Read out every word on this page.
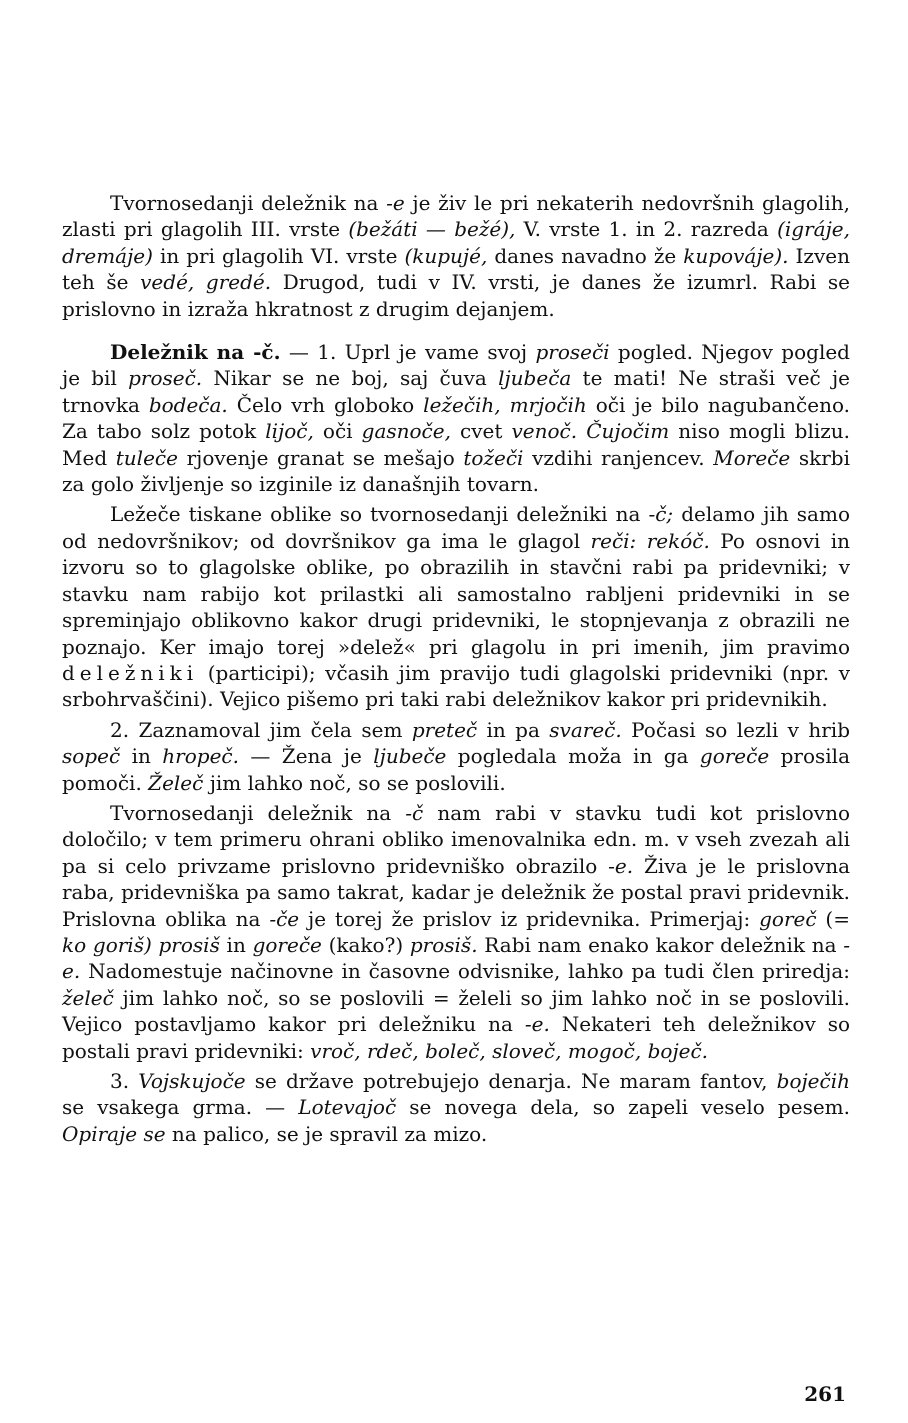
Tvornosedanji deležnik na -e je živ le pri nekaterih nedovršnih glagolih, zlasti pri glagolih III. vrste (bežáti — bežé), V. vrste 1. in 2. razreda (igráje, dremáje) in pri glagolih VI. vrste (kupujé, danes navadno že kupováje). Izven teh še vedé, gredé. Drugod, tudi v IV. vrsti, je danes že izumrl. Rabi se prislovno in izraža hkratnost z drugim dejanjem.

Deležnik na -č. — 1. Uprl je vame svoj proseči pogled. Njegov pogled je bil proseč. Nikar se ne boj, saj čuva ljubeča te mati! Ne straši več je trnovka bodeča. Čelo vrh globoko ležečih, mrjočih oči je bilo nagubančeno. Za tabo solz potok lijoč, oči gasnoče, cvet venoč. Čujočim niso mogli blizu. Med tuleče rjovenje granat se mešajo tožeči vzdihi ranjencev. Moreče skrbi za golo življenje so izginile iz današnjih tovarn.

Ležeče tiskane oblike so tvornosedanji deležniki na -č; delamo jih samo od nedovršnikov; od dovršnikov ga ima le glagol reči: rekóč. Po osnovi in izvoru so to glagolske oblike, po obrazilih in stavčni rabi pa pridevniki; v stavku nam rabijo kot prilastki ali samostalno rabljeni pridevniki in se spreminjajo oblikovno kakor drugi pridevniki, le stopnjevanja z obrazili ne poznajo. Ker imajo torej »delež« pri glagolu in pri imenih, jim pravimo deležniki (participi); včasih jim pravijo tudi glagolski pridevniki (npr. v srbohrvaščini). Vejico pišemo pri taki rabi deležnikov kakor pri pridevnikih.

2. Zaznamoval jim čela sem preteč in pa svareč. Počasi so lezli v hrib sopeč in hropeč. — Žena je ljubeče pogledala moža in ga goreče prosila pomoči. Želeč jim lahko noč, so se poslovili.

Tvornosedanji deležnik na -č nam rabi v stavku tudi kot prislovno določilo; v tem primeru ohrani obliko imenovalnika edn. m. v vseh zvezah ali pa si celo privzame prislovno pridevniško obrazilo -e. Živa je le prislovna raba, pridevniška pa samo takrat, kadar je deležnik že postal pravi pridevnik. Prislovna oblika na -če je torej že prislov iz pridevnika. Primerjaj: goreč (= ko goriš) prosiš in goreče (kako?) prosiš. Rabi nam enako kakor deležnik na -e. Nadomestuje načinovne in časovne odvisnike, lahko pa tudi člen priredja: želeč jim lahko noč, so se poslovili = želeli so jim lahko noč in se poslovili. Vejico postavljamo kakor pri deležniku na -e. Nekateri teh deležnikov so postali pravi pridevniki: vroč, rdeč, boleč, sloveč, mogoč, boječ.

3. Vojskujoče se države potrebujejo denarja. Ne maram fantov, boječih se vsakega grma. — Lotevajoč se novega dela, so zapeli veselo pesem. Opiraje se na palico, se je spravil za mizo.

261
